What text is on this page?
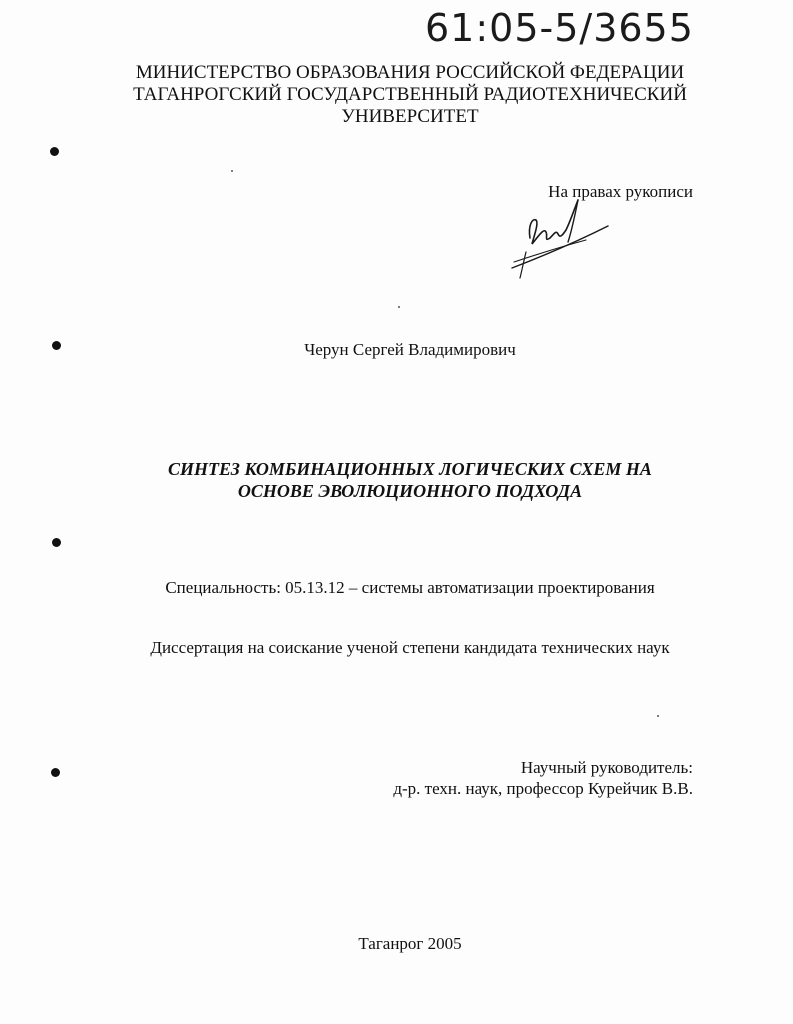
61:05-5/3655
МИНИСТЕРСТВО ОБРАЗОВАНИЯ РОССИЙСКОЙ ФЕДЕРАЦИИ
ТАГАНРОГСКИЙ ГОСУДАРСТВЕННЫЙ РАДИОТЕХНИЧЕСКИЙ
УНИВЕРСИТЕТ
На правах рукописи
Черун Сергей Владимирович
СИНТЕЗ КОМБИНАЦИОННЫХ ЛОГИЧЕСКИХ СХЕМ НА
ОСНОВЕ ЭВОЛЮЦИОННОГО ПОДХОДА
Специальность: 05.13.12 – системы автоматизации проектирования
Диссертация на соискание ученой степени кандидата технических наук
Научный руководитель:
д-р. техн. наук, профессор Курейчик В.В.
Таганрог 2005
